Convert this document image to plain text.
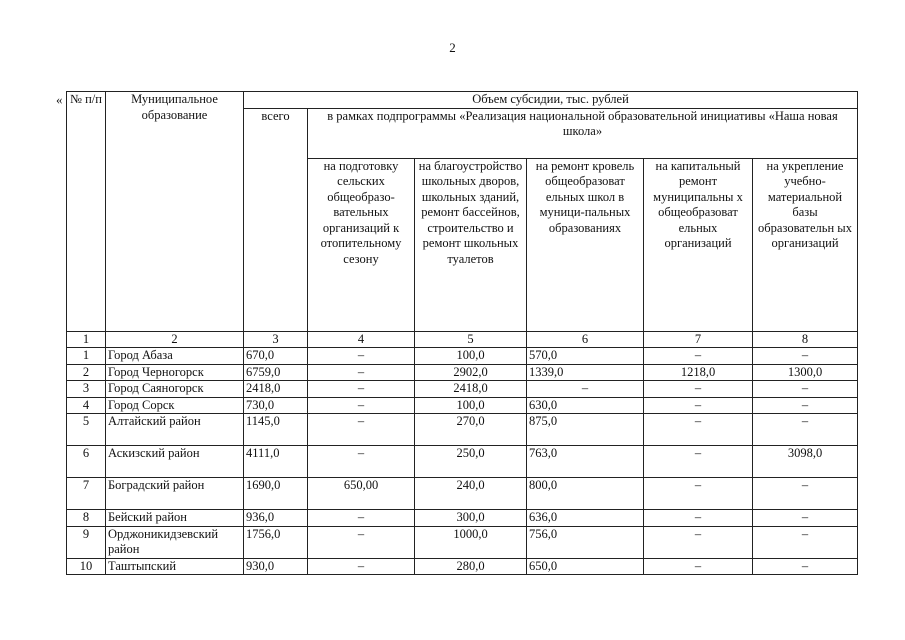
2
« № п/п	Муниципальное образование	Объем субсидии, тыс. рублей					
		всего	в рамках подпрограммы «Реализация национальной образовательной инициативы «Наша новая школа»				
			на подготовку сельских общеобразо-вательных организаций к отопительному сезону	на благоустройство школьных дворов, школьных зданий, ремонт бассейнов, строительство и ремонт школьных туалетов	на ремонт кровель общеобразоват ельных школ в муници-пальных образованиях	на капитальный ремонт муниципальны х общеобразоват ельных организаций	на укрепление учебно-материальной базы образовательн ых организаций
1	2	3	4	5	6	7	8
1	Город Абаза	670,0	–	100,0	570,0	–	–
2	Город Черногорск	6759,0	–	2902,0	1339,0	1218,0	1300,0
3	Город Саяногорск	2418,0	–	2418,0	–	–	–
4	Город Сорск	730,0	–	100,0	630,0	–	–
5	Алтайский район	1145,0	–	270,0	875,0	–	–
6	Аскизский район	4111,0	–	250,0	763,0	–	3098,0
7	Боградский район	1690,0	650,00	240,0	800,0	–	–
8	Бейский район	936,0	–	300,0	636,0	–	–
9	Орджоникидзевский район	1756,0	–	1000,0	756,0	–	–
10	Таштыпский	930,0	–	280,0	650,0	–	–
